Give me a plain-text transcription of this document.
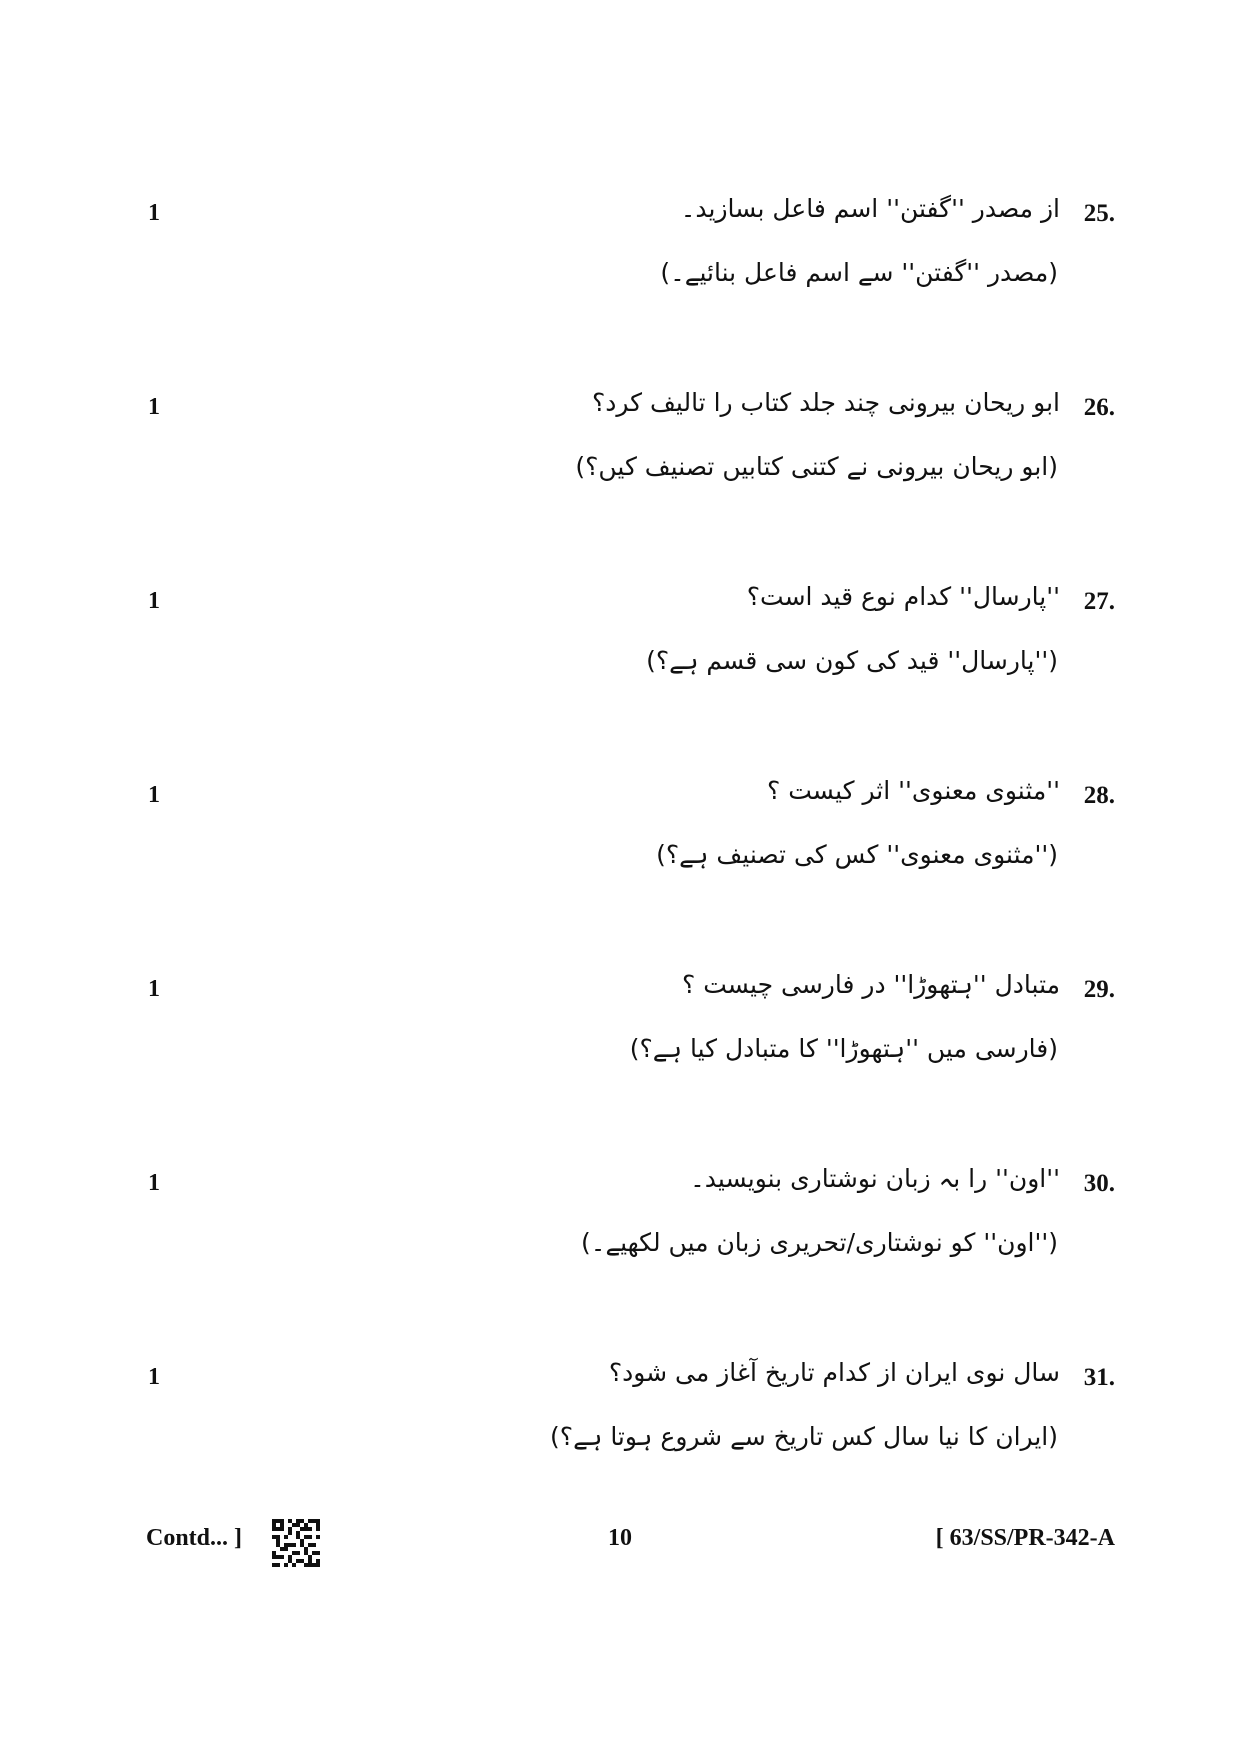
1	از مصدر ''گفتن'' اسم فاعل بسازید۔
(مصدر ''گفتن'' سے اسم فاعل بنائیے۔)
25.
1	ابو ریحان بیرونی چند جلد کتاب را تالیف کرد؟
(ابو ریحان بیرونی نے کتنی کتابیں تصنیف کیں؟)
26.
1	''پارسال'' کدام نوع قید است؟
(''پارسال'' قید کی کون سی قسم ہے؟)
27.
1	''مثنوی معنوی'' اثر کیست ؟
(''مثنوی معنوی'' کس کی تصنیف ہے؟)
28.
1	متبادل ''ہتھوڑا'' در فارسی چیست ؟
(فارسی میں ''ہتھوڑا'' کا متبادل کیا ہے؟)
29.
1	''اون'' را بہ زبان نوشتاری بنویسید۔
(''اون'' کو نوشتاری/تحریری زبان میں لکھیے۔)
30.
1	سال نوی ایران از کدام تاریخ آغاز می شود؟
(ایران کا نیا سال کس تاریخ سے شروع ہوتا ہے؟)
31.
Contd... ]	10	[ 63/SS/PR-342-A
